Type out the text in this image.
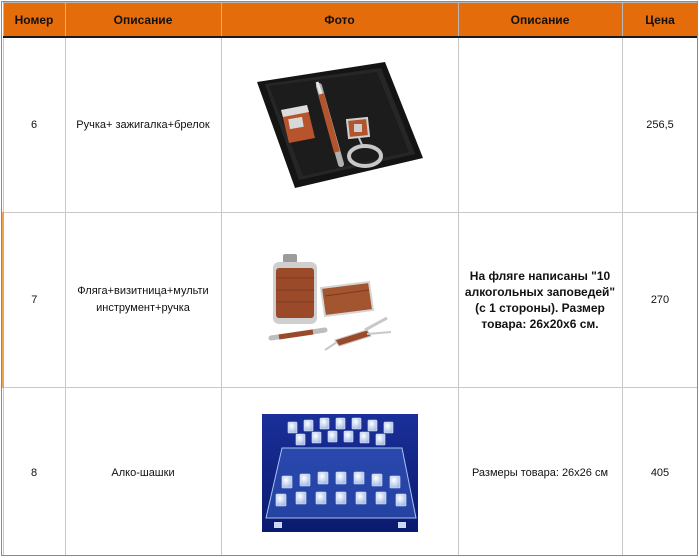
Номер	Описание	Фото	Описание	Цена
6	Ручка+ зажигалка+брелок			256,5
7	Фляга+визитница+мульти инструмент+ручка		На фляге написаны "10 алкогольных заповедей" (с 1 стороны). Размер товара: 26x20x6 см.	270
8	Алко-шашки		Размеры товара: 26x26 см	405
